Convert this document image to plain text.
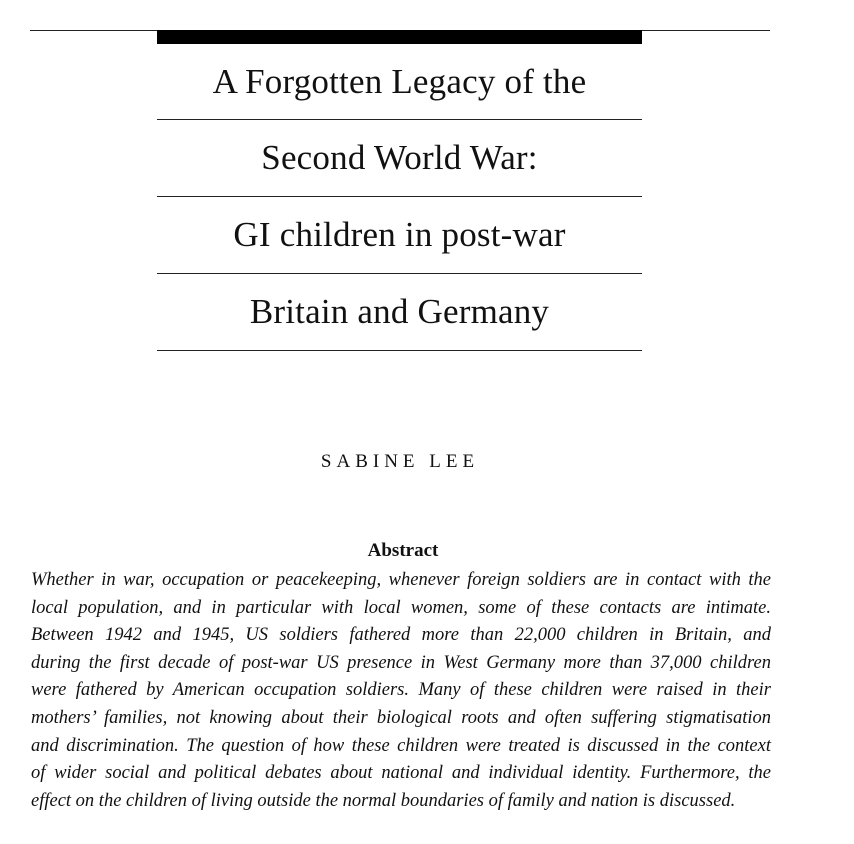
A Forgotten Legacy of the
Second World War:
GI children in post-war
Britain and Germany
SABINE LEE
Abstract
Whether in war, occupation or peacekeeping, whenever foreign soldiers are in contact with the
local population, and in particular with local women, some of these contacts are intimate.
Between 1942 and 1945, US soldiers fathered more than 22,000 children in Britain, and
during the first decade of post-war US presence in West Germany more than 37,000 children
were fathered by American occupation soldiers. Many of these children were raised in their
mothers’ families, not knowing about their biological roots and often suffering stigmatisation
and discrimination. The question of how these children were treated is discussed in the context
of wider social and political debates about national and individual identity. Furthermore, the
effect on the children of living outside the normal boundaries of family and nation is discussed.
